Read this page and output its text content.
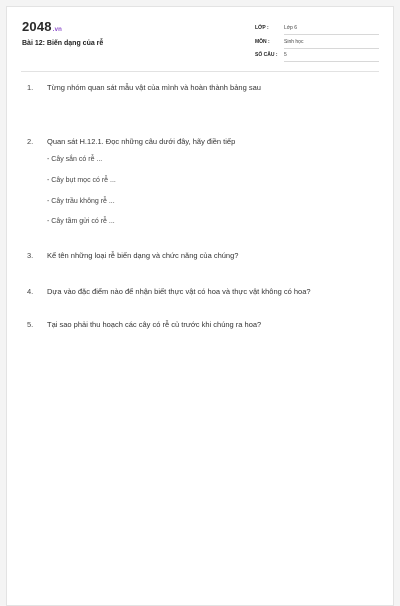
2048.vn
Bài 12: Biến dạng của rễ
LỚP :	Lớp 6
MÔN :	Sinh học
SỐ CÂU : 5
1. Từng nhóm quan sát mẫu vật của mình và hoàn thành bảng sau
2. Quan sát H.12.1. Đọc những câu dưới đây, hãy điền tiếp
- Cây sắn có rễ ...
- Cây bụt mọc có rễ ...
- Cây trầu không rễ ...
- Cây tầm gửi có rễ ...
3. Kể tên những loại rễ biến dạng và chức năng của chúng?
4. Dựa vào đặc điểm nào để nhận biết thực vật có hoa và thực vật không có hoa?
5. Tại sao phải thu hoạch các cây có rễ củ trước khi chúng ra hoa?
